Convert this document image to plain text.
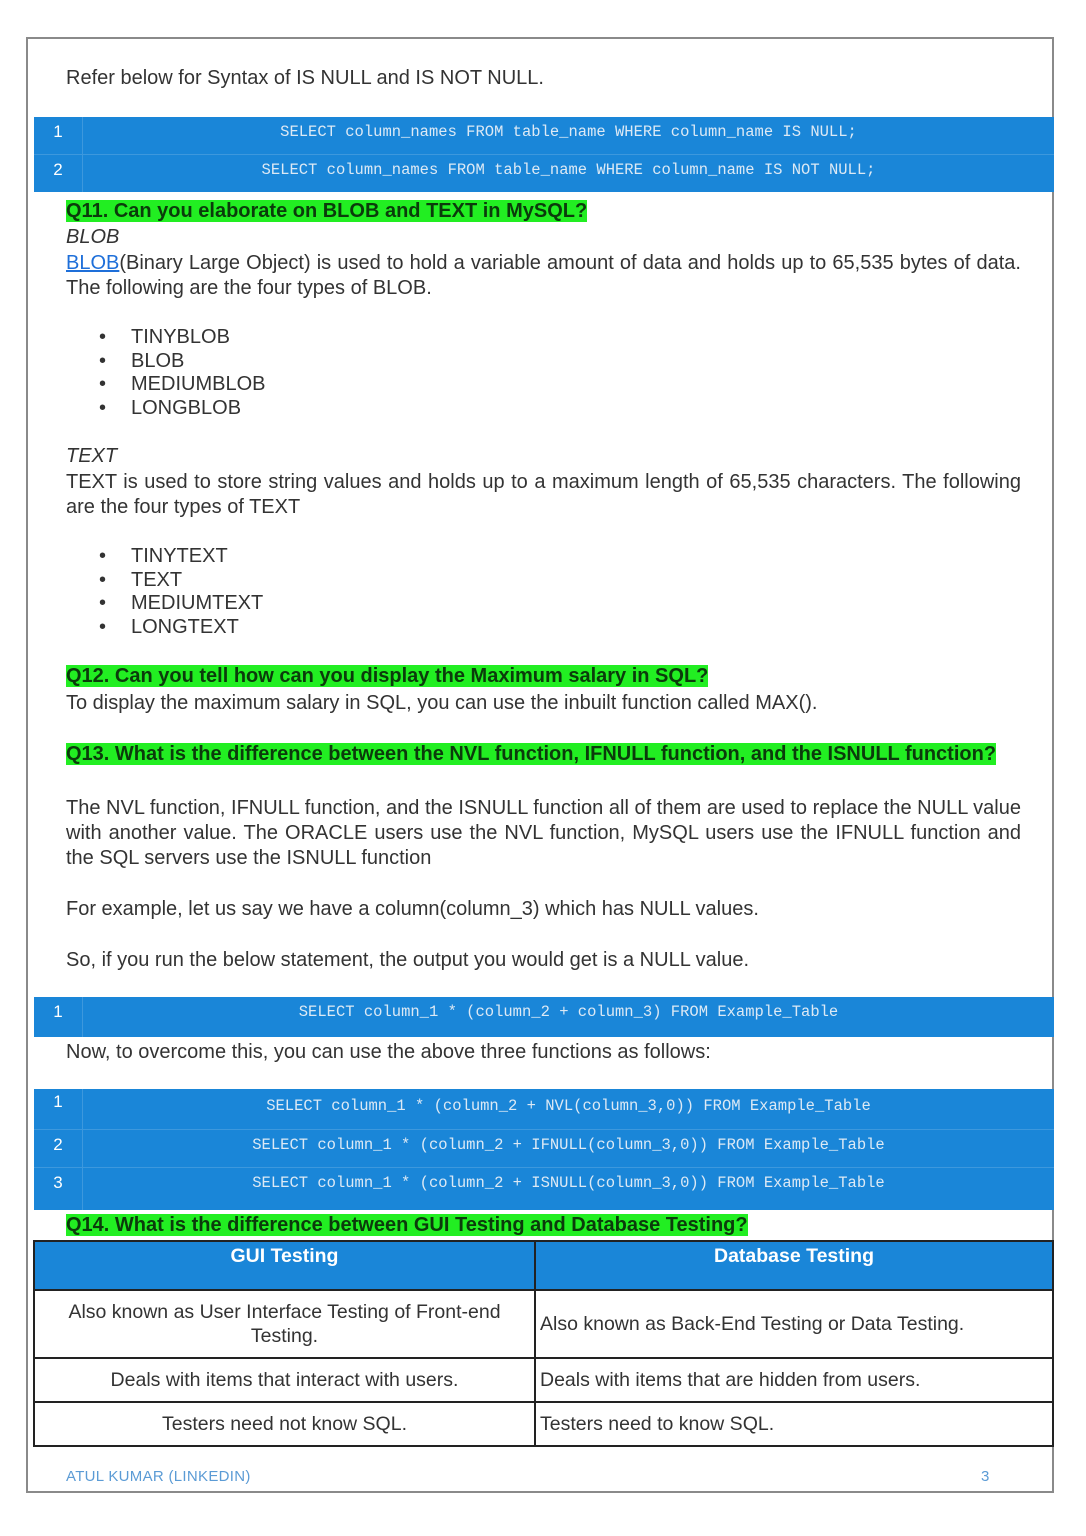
Refer below for Syntax of IS NULL and IS NOT NULL.

1	SELECT column_names FROM table_name WHERE column_name IS NULL;
2	SELECT column_names FROM table_name WHERE column_name IS NOT NULL;

Q11. Can you elaborate on BLOB and TEXT in MySQL?

BLOB

BLOB(Binary Large Object) is used to hold a variable amount of data and holds up to 65,535 bytes of data. The following are the four types of BLOB.

• TINYBLOB
• BLOB
• MEDIUMBLOB
• LONGBLOB

TEXT

TEXT is used to store string values and holds up to a maximum length of 65,535 characters. The following are the four types of TEXT

• TINYTEXT
• TEXT
• MEDIUMTEXT
• LONGTEXT

Q12. Can you tell how can you display the Maximum salary in SQL?

To display the maximum salary in SQL, you can use the inbuilt function called MAX().

Q13. What is the difference between the NVL function, IFNULL function, and the ISNULL function?

The NVL function, IFNULL function, and the ISNULL function all of them are used to replace the NULL value with another value. The ORACLE users use the NVL function, MySQL users use the IFNULL function and the SQL servers use the ISNULL function

For example, let us say we have a column(column_3) which has NULL values.

So, if you run the below statement, the output you would get is a NULL value.

1	SELECT column_1 * (column_2 + column_3) FROM Example_Table

Now, to overcome this, you can use the above three functions as follows:

1	SELECT column_1 * (column_2 + NVL(column_3,0)) FROM Example_Table
2	SELECT column_1 * (column_2 + IFNULL(column_3,0)) FROM Example_Table
3	SELECT column_1 * (column_2 + ISNULL(column_3,0)) FROM Example_Table

Q14. What is the difference between GUI Testing and Database Testing?

GUI Testing	Database Testing
Also known as User Interface Testing of Front-end Testing.	Also known as Back-End Testing or Data Testing.
Deals with items that interact with users.	Deals with items that are hidden from users.
Testers need not know SQL.	Testers need to know SQL.
ATUL KUMAR (LINKEDIN)	3
